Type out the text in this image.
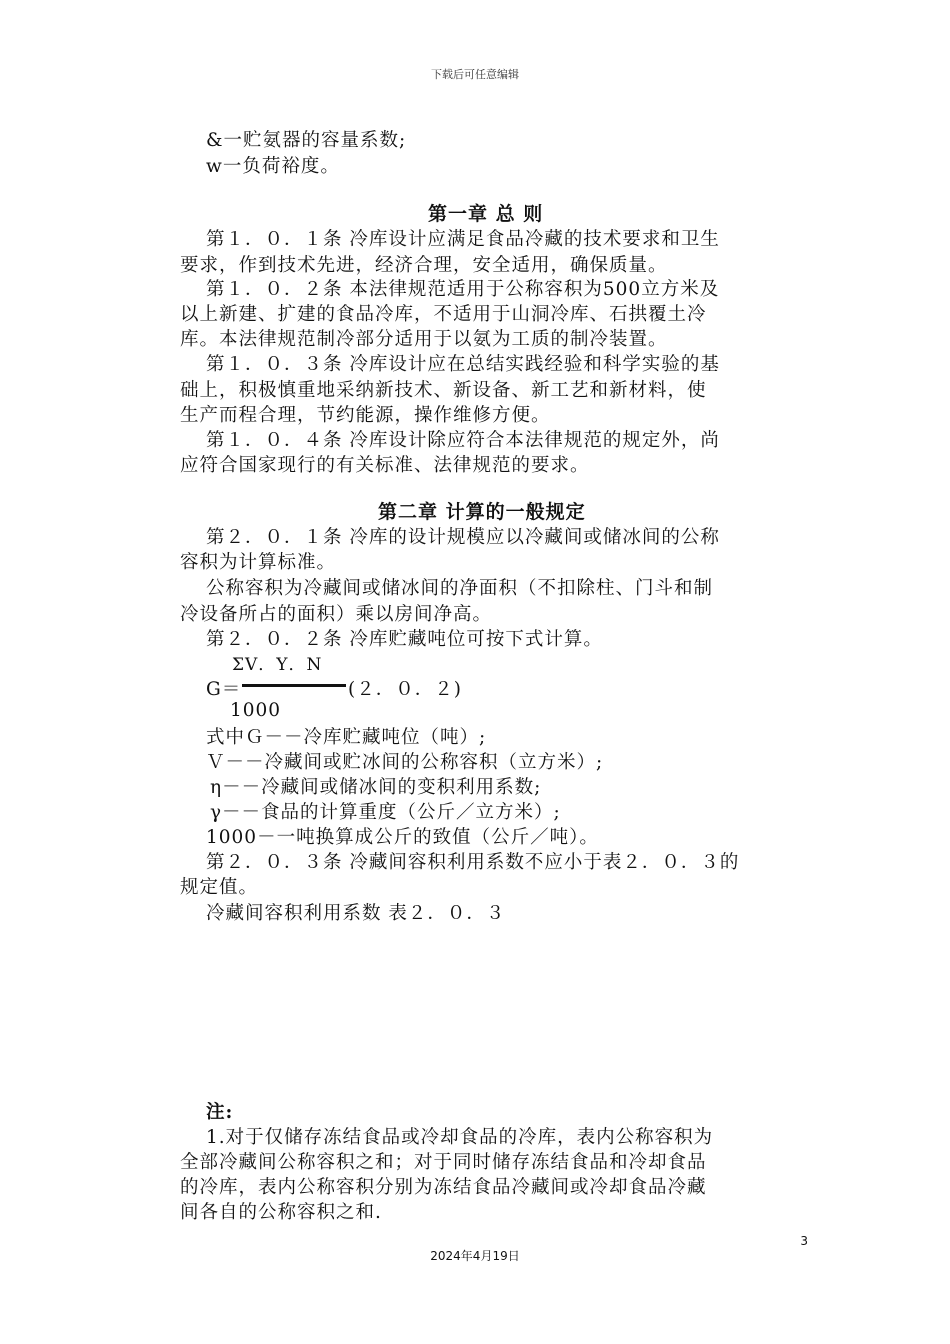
下载后可任意编辑
&一贮氨器的容量系数;
w一负荷裕度。
第一章 总 则
第１．０．１条 冷库设计应满足食品冷藏的技术要求和卫生
要求，作到技术先进，经济合理，安全适用，确保质量。
第１．０．２条 本法律规范适用于公称容积为500立方米及
以上新建、扩建的食品冷库，不适用于山洞冷库、石拱覆土冷
库。本法律规范制冷部分适用于以氨为工质的制冷装置。
第１．０．３条 冷库设计应在总结实践经验和科学实验的基
础上，积极慎重地采纳新技术、新设备、新工艺和新材料，使
生产而程合理，节约能源，操作维修方便。
第１．０．４条 冷库设计除应符合本法律规范的规定外，尚
应符合国家现行的有关标准、法律规范的要求。
第二章 计算的一般规定
第２．０．１条 冷库的设计规模应以冷藏间或储冰间的公称
容积为计算标准。
公称容积为冷藏间或储冰间的净面积（不扣除柱、门斗和制
冷设备所占的面积）乘以房间净高。
第２．０．２条 冷库贮藏吨位可按下式计算。
ΣV．Y．N
G＝	(２．０．２)
1000
式中Ｇ－－冷库贮藏吨位（吨）;
Ｖ－－冷藏间或贮冰间的公称容积（立方米）;
η－－冷藏间或储冰间的变积利用系数;
γ－－食品的计算重度（公斤／立方米）;
1000－一吨换算成公斤的致值（公斤／吨）。
第２．０．３条 冷藏间容积利用系数不应小于表２．０．３的
规定值。
冷藏间容积利用系数 表２．０．３
注:
1.对于仅储存冻结食品或冷却食品的冷库，表内公称容积为
全部冷藏间公称容积之和；对于同时储存冻结食品和冷却食品
的冷库，表内公称容积分别为冻结食品冷藏间或冷却食品冷藏
间各自的公称容积之和.
3
2024年4月19日
